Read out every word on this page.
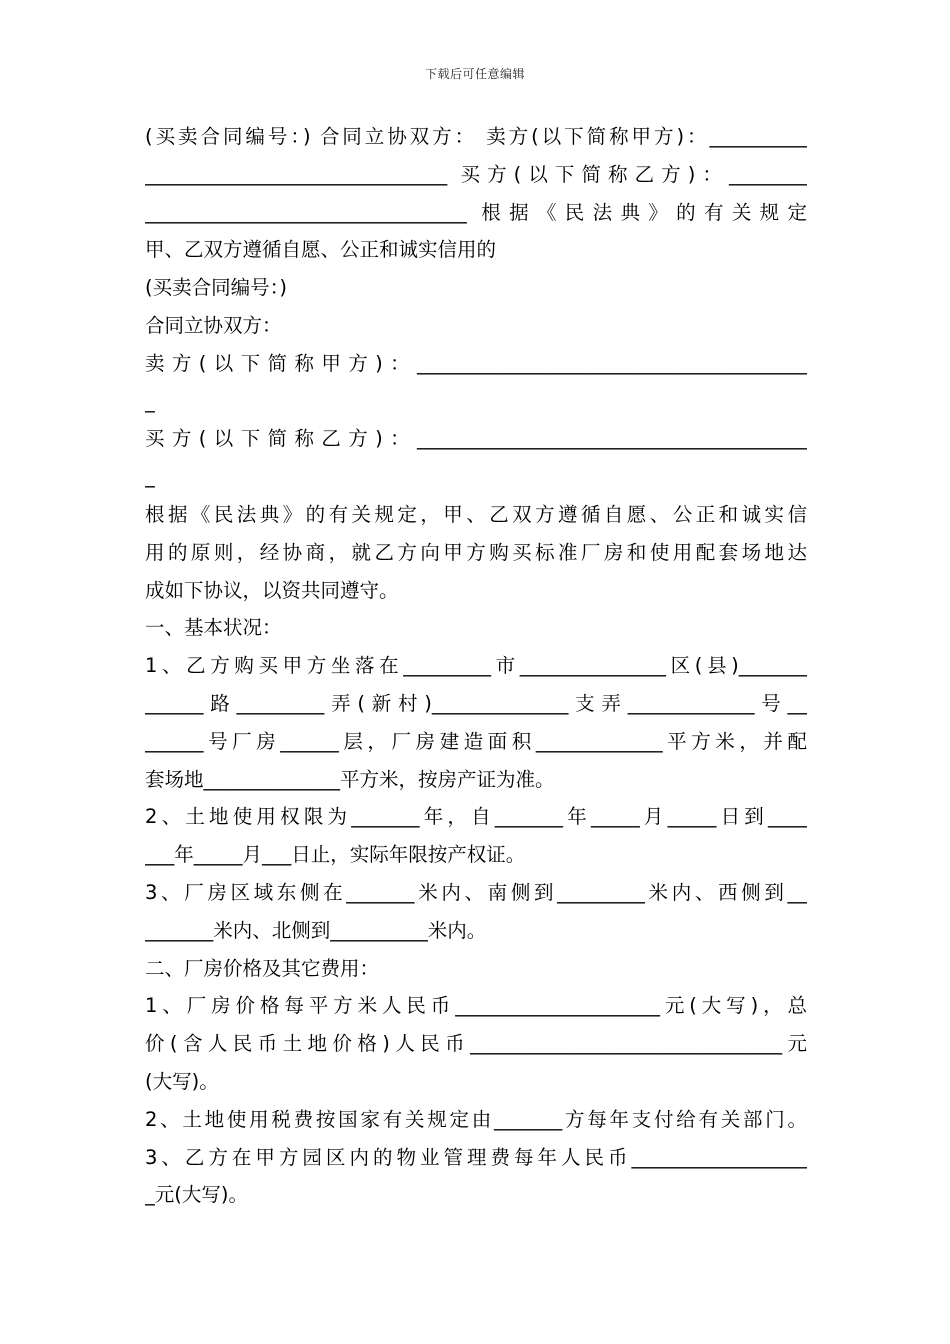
下载后可任意编辑
(买卖合同编号：) 合同立协双方： 卖方(以下简称甲方)：__________
_______________________________ 买方(以下简称乙方)：________
_________________________________ 根据《民法典》的有关规定
甲、乙双方遵循自愿、公正和诚实信用的
(买卖合同编号：)
合同立协双方：
卖方(以下简称甲方)：________________________________________
_
买方(以下简称乙方)：________________________________________
_
根据《民法典》的有关规定，甲、乙双方遵循自愿、公正和诚实信
用的原则，经协商，就乙方向甲方购买标准厂房和使用配套场地达
成如下协议，以资共同遵守。
一、基本状况：
1、乙方购买甲方坐落在_________市_______________区(县)_______
______路_________弄(新村)______________支弄_____________号__
______号厂房______层，厂房建造面积_____________平方米，并配
套场地______________平方米，按房产证为准。
2、土地使用权限为_______年，自_______年_____月_____日到____
___年_____月___日止，实际年限按产权证。
3、厂房区域东侧在_______米内、南侧到_________米内、西侧到__
_______米内、北侧到__________米内。
二、厂房价格及其它费用：
1、厂房价格每平方米人民币_____________________元(大写)，总
价(含人民币土地价格)人民币________________________________元
(大写)。
2、土地使用税费按国家有关规定由_______方每年支付给有关部门。
3、乙方在甲方园区内的物业管理费每年人民币__________________
_元(大写)。
